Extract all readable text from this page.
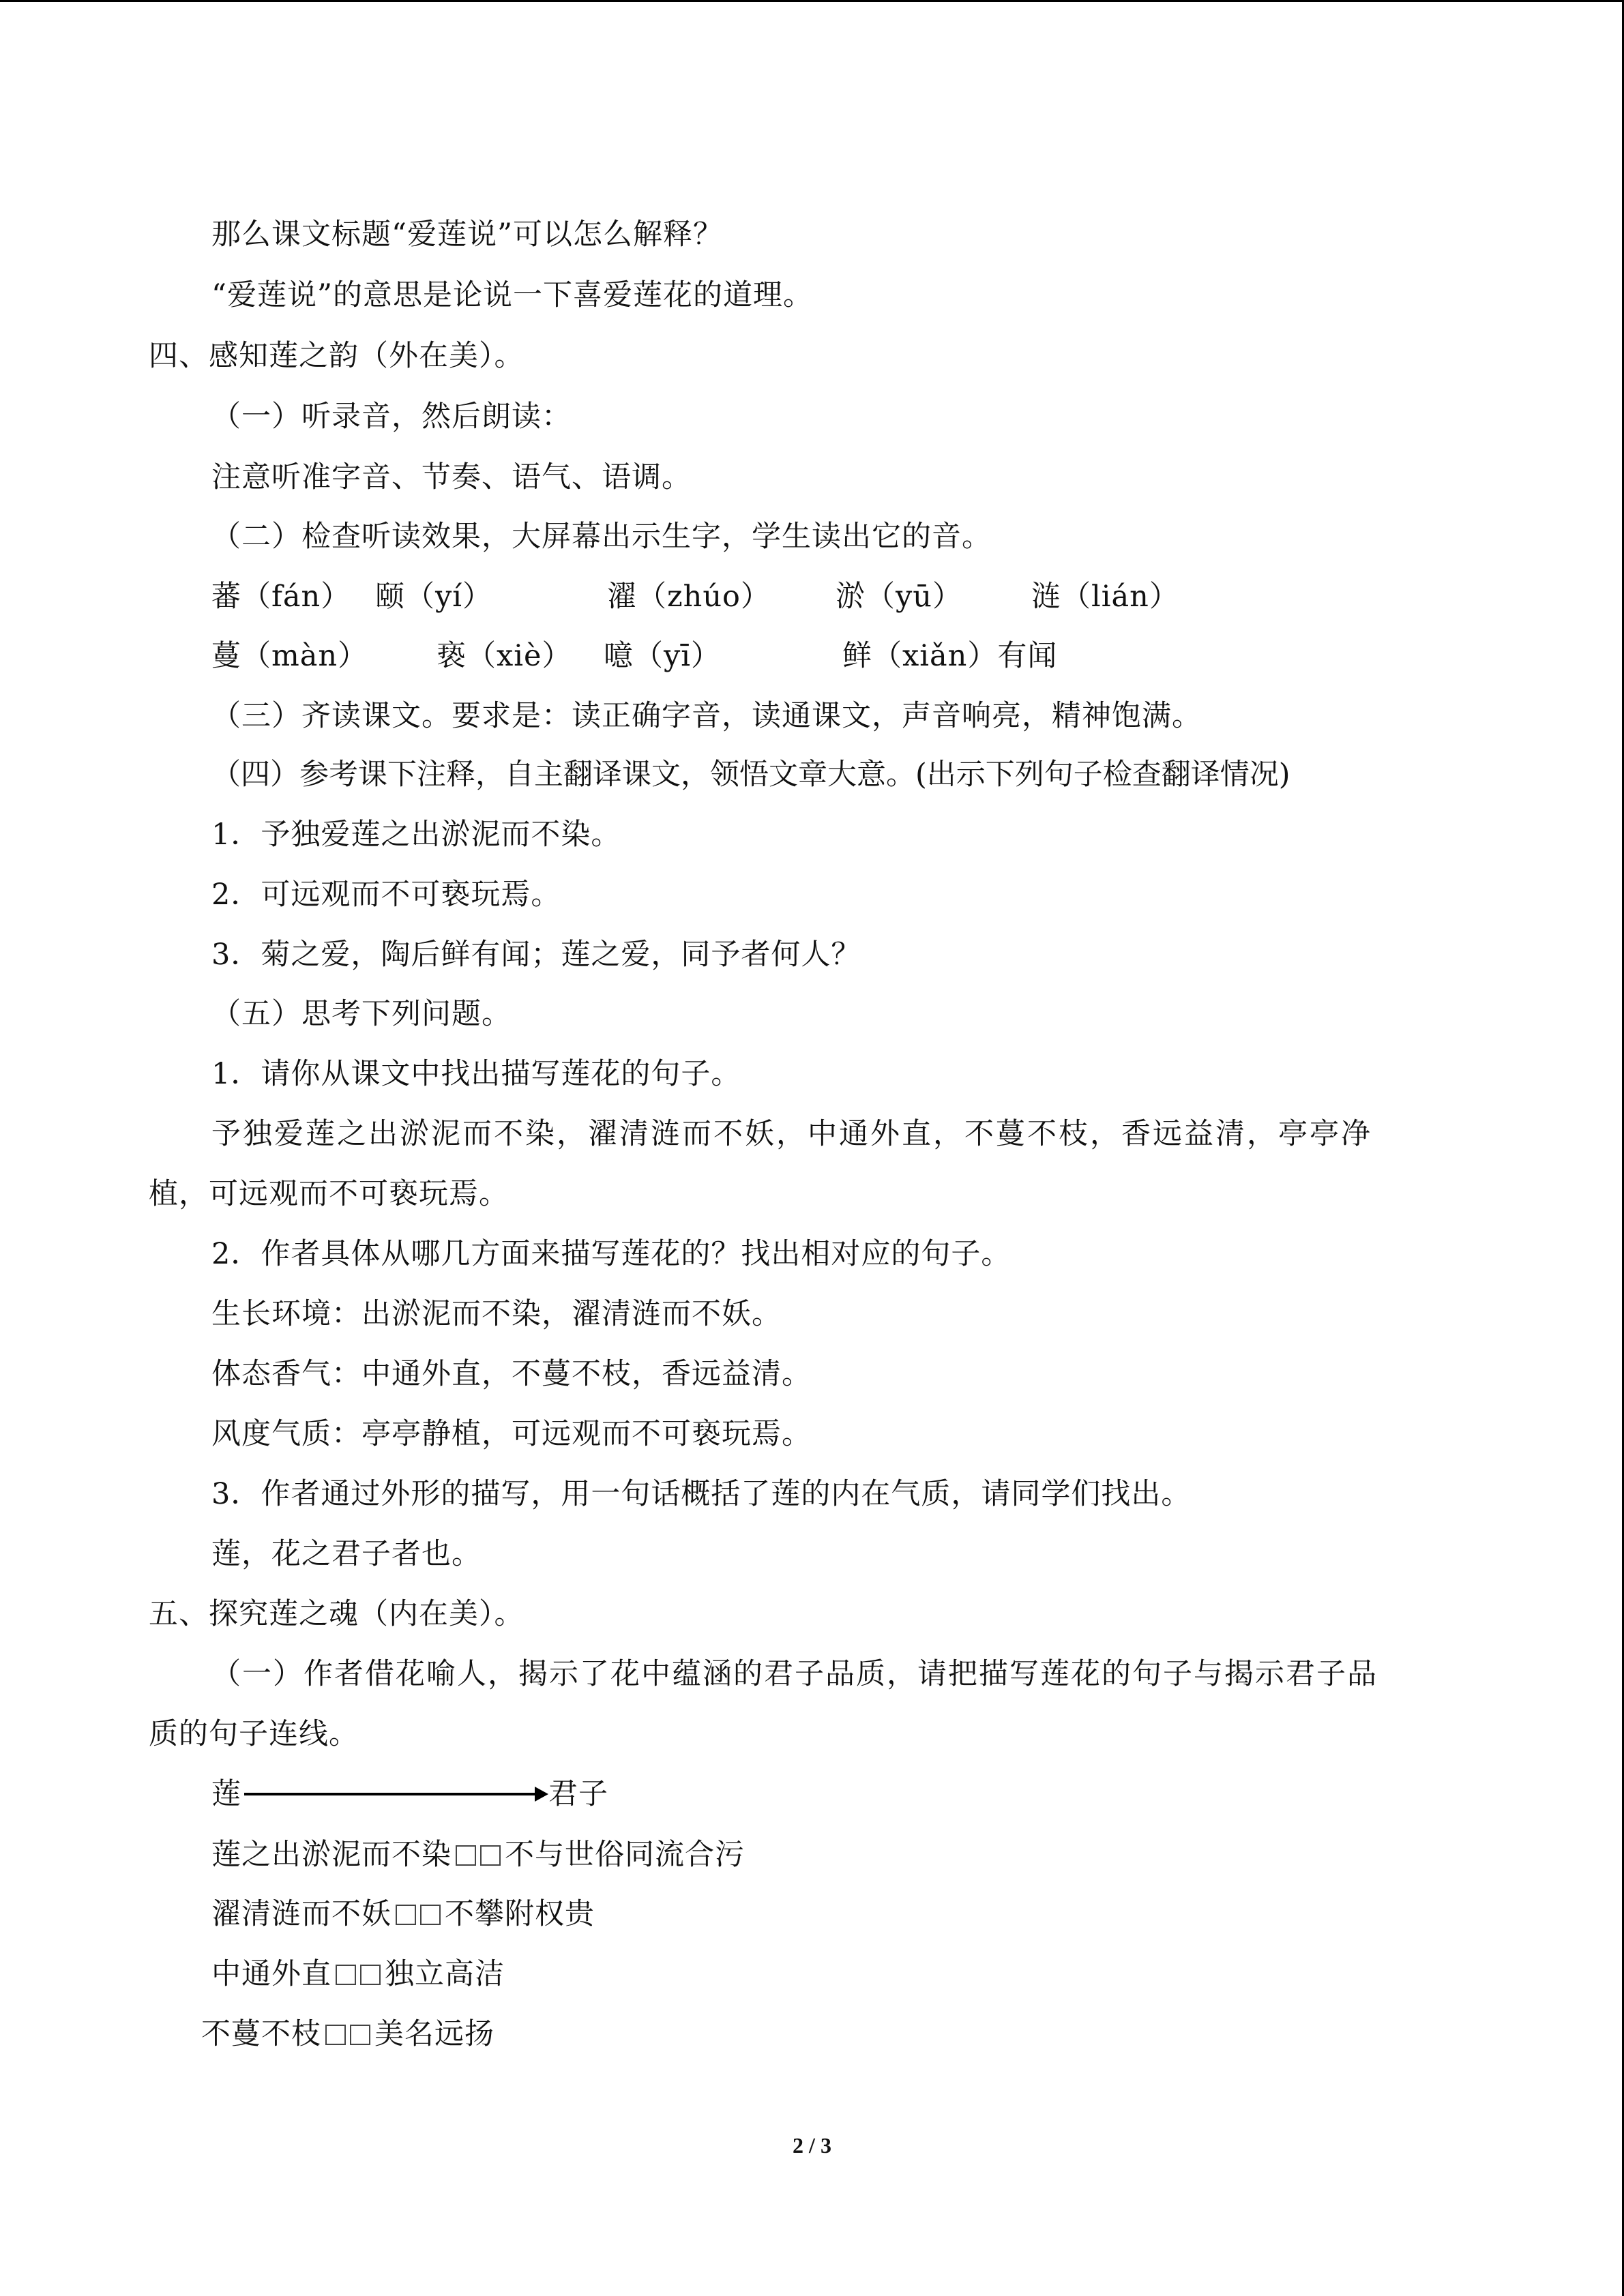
那么课文标题“爱莲说”可以怎么解释？
“爱莲说”的意思是论说一下喜爱莲花的道理。
四、感知莲之韵（外在美）。
（一）听录音，然后朗读：
注意听准字音、节奏、语气、语调。
（二）检查听读效果，大屏幕出示生字，学生读出它的音。
蕃（fán） 颐（yí）	濯（zhúo） 淤（yū） 涟（lián）
蔓（màn） 亵（xiè） 噫（yī）	鲜（xiǎn）有闻
（三）齐读课文。要求是：读正确字音，读通课文，声音响亮，精神饱满。
（四）参考课下注释，自主翻译课文，领悟文章大意。(出示下列句子检查翻译情况)
1．予独爱莲之出淤泥而不染。
2．可远观而不可亵玩焉。
3．菊之爱，陶后鲜有闻；莲之爱，同予者何人？
（五）思考下列问题。
1．请你从课文中找出描写莲花的句子。
予独爱莲之出淤泥而不染，濯清涟而不妖，中通外直，不蔓不枝，香远益清，亭亭净
植，可远观而不可亵玩焉。
2．作者具体从哪几方面来描写莲花的？找出相对应的句子。
生长环境：出淤泥而不染，濯清涟而不妖。
体态香气：中通外直，不蔓不枝，香远益清。
风度气质：亭亭静植，可远观而不可亵玩焉。
3．作者通过外形的描写，用一句话概括了莲的内在气质，请同学们找出。
莲，花之君子者也。
五、探究莲之魂（内在美）。
（一）作者借花喻人，揭示了花中蕴涵的君子品质，请把描写莲花的句子与揭示君子品
质的句子连线。
莲	君子
莲之出淤泥而不染 不与世俗同流合污
濯清涟而不妖 不攀附权贵
中通外直 独立高洁
不蔓不枝 美名远扬
2 / 3
